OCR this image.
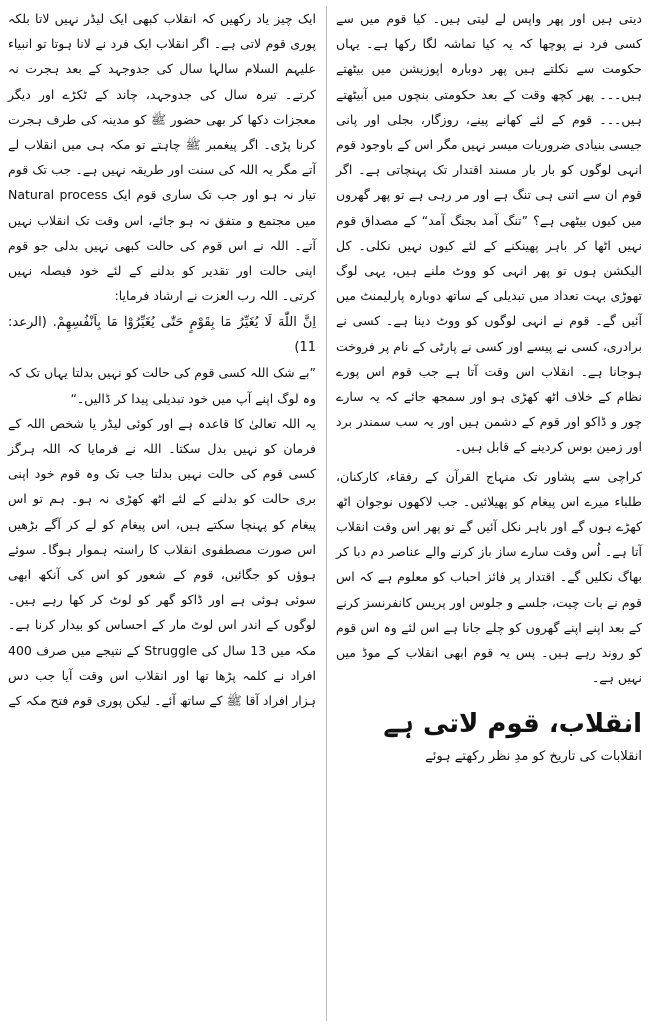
دیتی ہیں اور پھر واپس لے لیتی ہیں۔ کیا قوم میں سے کسی فرد نے پوچھا کہ یہ کیا تماشہ لگا رکھا ہے۔ یہاں حکومت سے نکلتے ہیں پھر دوبارہ اپوزیشن میں بیٹھتے ہیں۔۔۔ پھر کچھ وقت کے بعد حکومتی بنچوں میں آبیٹھتے ہیں۔۔۔ قوم کے لئے کھانے پینے، روزگار، بجلی اور پانی جیسی بنیادی ضروریات میسر نہیں مگر اس کے باوجود قوم انہی لوگوں کو بار بار مسند اقتدار تک پہنچاتی ہے۔ اگر قوم ان سے اتنی ہی تنگ ہے اور مر رہی ہے تو پھر گھروں میں کیوں بیٹھی ہے؟ ”تنگ آمد بجنگ آمد“ کے مصداق قوم نہیں اٹھا کر باہر پھینکنے کے لئے کیوں نہیں نکلی۔ کل الیکشن ہوں تو پھر انہی کو ووٹ ملنے ہیں، یہی لوگ تھوڑی بہت تعداد میں تبدیلی کے ساتھ دوبارہ پارلیمنٹ میں آئیں گے۔ قوم نے انہی لوگوں کو ووٹ دینا ہے۔ کسی نے برادری، کسی نے پیسے اور کسی نے پارٹی کے نام پر فروخت ہوجانا ہے۔ انقلاب اس وقت آتا ہے جب قوم اس پورے نظام کے خلاف اٹھ کھڑی ہو اور سمجھ جائے کہ یہ سارے چور و ڈاکو اور قوم کے دشمن ہیں اور یہ سب سمندر برد اور زمین بوس کردینے کے قابل ہیں۔

کراچی سے پشاور تک منہاج القرآن کے رفقاء، کارکنان، طلباء میرے اس پیغام کو پھیلائیں۔ جب لاکھوں نوجوان اٹھ کھڑے ہوں گے اور باہر نکل آئیں گے تو پھر اس وقت انقلاب آتا ہے۔ اُس وقت سارے ساز باز کرنے والے عناصر دم دبا کر بھاگ نکلیں گے۔ اقتدار پر فائز احباب کو معلوم ہے کہ اس قوم نے بات چیت، جلسے و جلوس اور پریس کانفرنسز کرنے کے بعد اپنے اپنے گھروں کو چلے جانا ہے اس لئے وہ اس قوم کو روند رہے ہیں۔ پس یہ قوم ابھی انقلاب کے موڈ میں نہیں ہے۔

انقلاب، قوم لاتی ہے

انقلابات کی تاریخ کو مدِ نظر رکھتے ہوئے

ایک چیز یاد رکھیں کہ انقلاب کبھی ایک لیڈر نہیں لاتا بلکہ پوری قوم لاتی ہے۔ اگر انقلاب ایک فرد نے لانا ہوتا تو انبیاء علیہم السلام سالہا سال کی جدوجہد کے بعد ہجرت نہ کرتے۔ تیرہ سال کی جدوجہد، چاند کے ٹکڑے اور دیگر معجزات دکھا کر بھی حضور ﷺ کو مدینہ کی طرف ہجرت کرنا پڑی۔ اگر پیغمبر ﷺ چاہتے تو مکہ ہی میں انقلاب لے آتے مگر یہ اللہ کی سنت اور طریقہ نہیں ہے۔ جب تک قوم تیار نہ ہو اور جب تک ساری قوم ایک Natural process میں مجتمع و متفق نہ ہو جائے، اس وقت تک انقلاب نہیں آتے۔ اللہ نے اس قوم کی حالت کبھی نہیں بدلی جو قوم اپنی حالت اور تقدیر کو بدلنے کے لئے خود فیصلہ نہیں کرتی۔ اللہ رب العزت نے ارشاد فرمایا:

اِنَّ اللّٰهَ لَا يُغَيِّرُ مَا بِقَوْمٍ حَتّٰى يُغَيِّرُوْا مَا بِاَنْفُسِهِمْ. (الرعد: 11)

”بے شک اللہ کسی قوم کی حالت کو نہیں بدلتا یہاں تک کہ وہ لوگ اپنے آپ میں خود تبدیلی پیدا کر ڈالیں۔“

یہ اللہ تعالیٰ کا قاعدہ ہے اور کوئی لیڈر یا شخص اللہ کے فرمان کو نہیں بدل سکتا۔ اللہ نے فرمایا کہ اللہ ہرگز کسی قوم کی حالت نہیں بدلتا جب تک وہ قوم خود اپنی بری حالت کو بدلنے کے لئے اٹھ کھڑی نہ ہو۔ ہم تو اس پیغام کو پہنچا سکتے ہیں، اس پیغام کو لے کر آگے بڑھیں اس صورت مصطفوی انقلاب کا راستہ ہموار ہوگا۔ سوئے ہوؤں کو جگائیں، قوم کے شعور کو اس کی آنکھ ابھی سوئی ہوئی ہے اور ڈاکو گھر کو لوٹ کر کھا رہے ہیں۔ لوگوں کے اندر اس لوٹ مار کے احساس کو بیدار کرنا ہے۔ مکہ میں 13 سال کی Struggle کے نتیجے میں صرف 400 افراد نے کلمہ پڑھا تھا اور انقلاب اس وقت آیا جب دس ہزار افراد آقا ﷺ کے ساتھ آئے۔ لیکن پوری قوم فتح مکہ کے
